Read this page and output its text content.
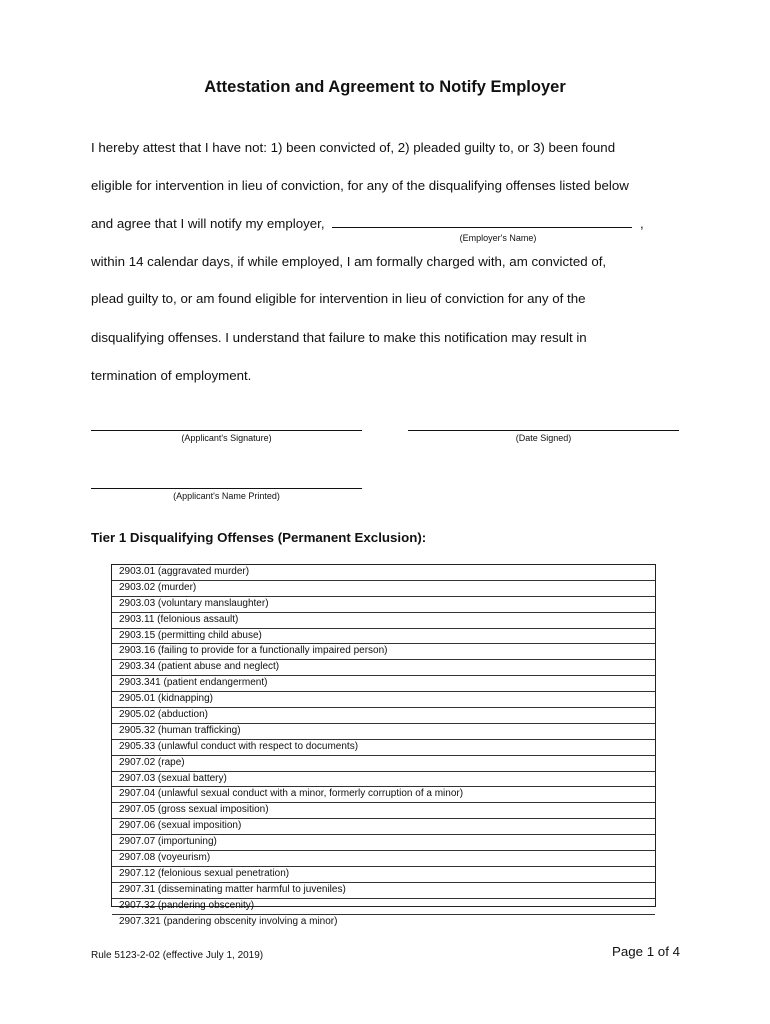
Attestation and Agreement to Notify Employer
I hereby attest that I have not: 1) been convicted of, 2) pleaded guilty to, or 3) been found
eligible for intervention in lieu of conviction, for any of the disqualifying offenses listed below
and agree that I will notify my employer,	,
within 14 calendar days, if while employed, I am formally charged with, am convicted of,
plead guilty to, or am found eligible for intervention in lieu of conviction for any of the
disqualifying offenses. I understand that failure to make this notification may result in
termination of employment.
(Employer's Name)
(Applicant's Signature)	(Date Signed)
(Applicant's Name Printed)
Tier 1 Disqualifying Offenses (Permanent Exclusion):
2903.01 (aggravated murder)
2903.02 (murder)
2903.03 (voluntary manslaughter)
2903.11 (felonious assault)
2903.15 (permitting child abuse)
2903.16 (failing to provide for a functionally impaired person)
2903.34 (patient abuse and neglect)
2903.341 (patient endangerment)
2905.01 (kidnapping)
2905.02 (abduction)
2905.32 (human trafficking)
2905.33 (unlawful conduct with respect to documents)
2907.02 (rape)
2907.03 (sexual battery)
2907.04 (unlawful sexual conduct with a minor, formerly corruption of a minor)
2907.05 (gross sexual imposition)
2907.06 (sexual imposition)
2907.07 (importuning)
2907.08 (voyeurism)
2907.12 (felonious sexual penetration)
2907.31 (disseminating matter harmful to juveniles)
2907.32 (pandering obscenity)
2907.321 (pandering obscenity involving a minor)
Rule 5123-2-02 (effective July 1, 2019)	Page 1 of 4
